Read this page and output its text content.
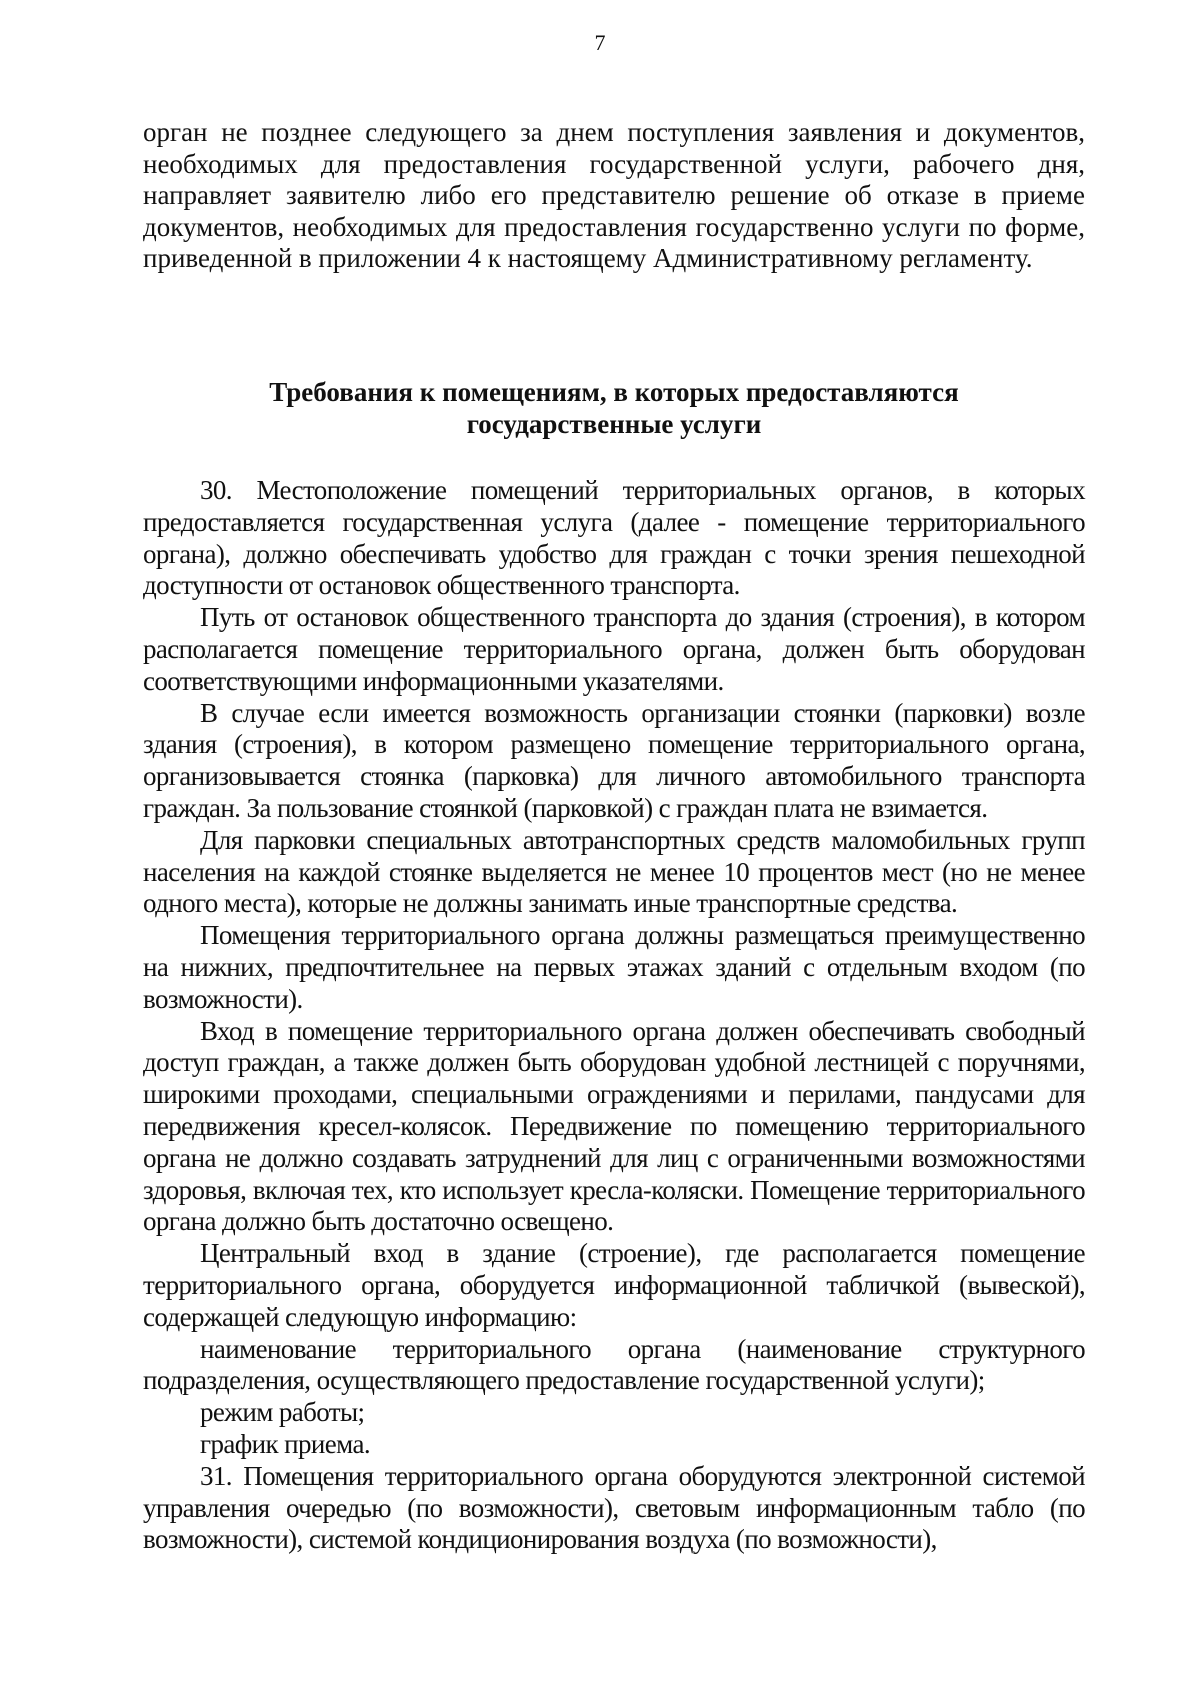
7

орган не позднее следующего за днем поступления заявления и документов, необходимых для предоставления государственной услуги, рабочего дня, направляет заявителю либо его представителю решение об отказе в приеме документов, необходимых для предоставления государственно услуги по форме, приведенной в приложении 4 к настоящему Административному регламенту.

Требования к помещениям, в которых предоставляются
государственные услуги

30. Местоположение помещений территориальных органов, в которых предоставляется государственная услуга (далее - помещение территориального органа), должно обеспечивать удобство для граждан с точки зрения пешеходной доступности от остановок общественного транспорта.

Путь от остановок общественного транспорта до здания (строения), в котором располагается помещение территориального органа, должен быть оборудован соответствующими информационными указателями.

В случае если имеется возможность организации стоянки (парковки) возле здания (строения), в котором размещено помещение территориального органа, организовывается стоянка (парковка) для личного автомобильного транспорта граждан. За пользование стоянкой (парковкой) с граждан плата не взимается.

Для парковки специальных автотранспортных средств маломобильных групп населения на каждой стоянке выделяется не менее 10 процентов мест (но не менее одного места), которые не должны занимать иные транспортные средства.

Помещения территориального органа должны размещаться преимущественно на нижних, предпочтительнее на первых этажах зданий с отдельным входом (по возможности).

Вход в помещение территориального органа должен обеспечивать свободный доступ граждан, а также должен быть оборудован удобной лестницей с поручнями, широкими проходами, специальными ограждениями и перилами, пандусами для передвижения кресел-колясок. Передвижение по помещению территориального органа не должно создавать затруднений для лиц с ограниченными возможностями здоровья, включая тех, кто использует кресла-коляски. Помещение территориального органа должно быть достаточно освещено.

Центральный вход в здание (строение), где располагается помещение территориального органа, оборудуется информационной табличкой (вывеской), содержащей следующую информацию:

наименование территориального органа (наименование структурного подразделения, осуществляющего предоставление государственной услуги);

режим работы;

график приема.

31. Помещения территориального органа оборудуются электронной системой управления очередью (по возможности), световым информационным табло (по возможности), системой кондиционирования воздуха (по возможности),
